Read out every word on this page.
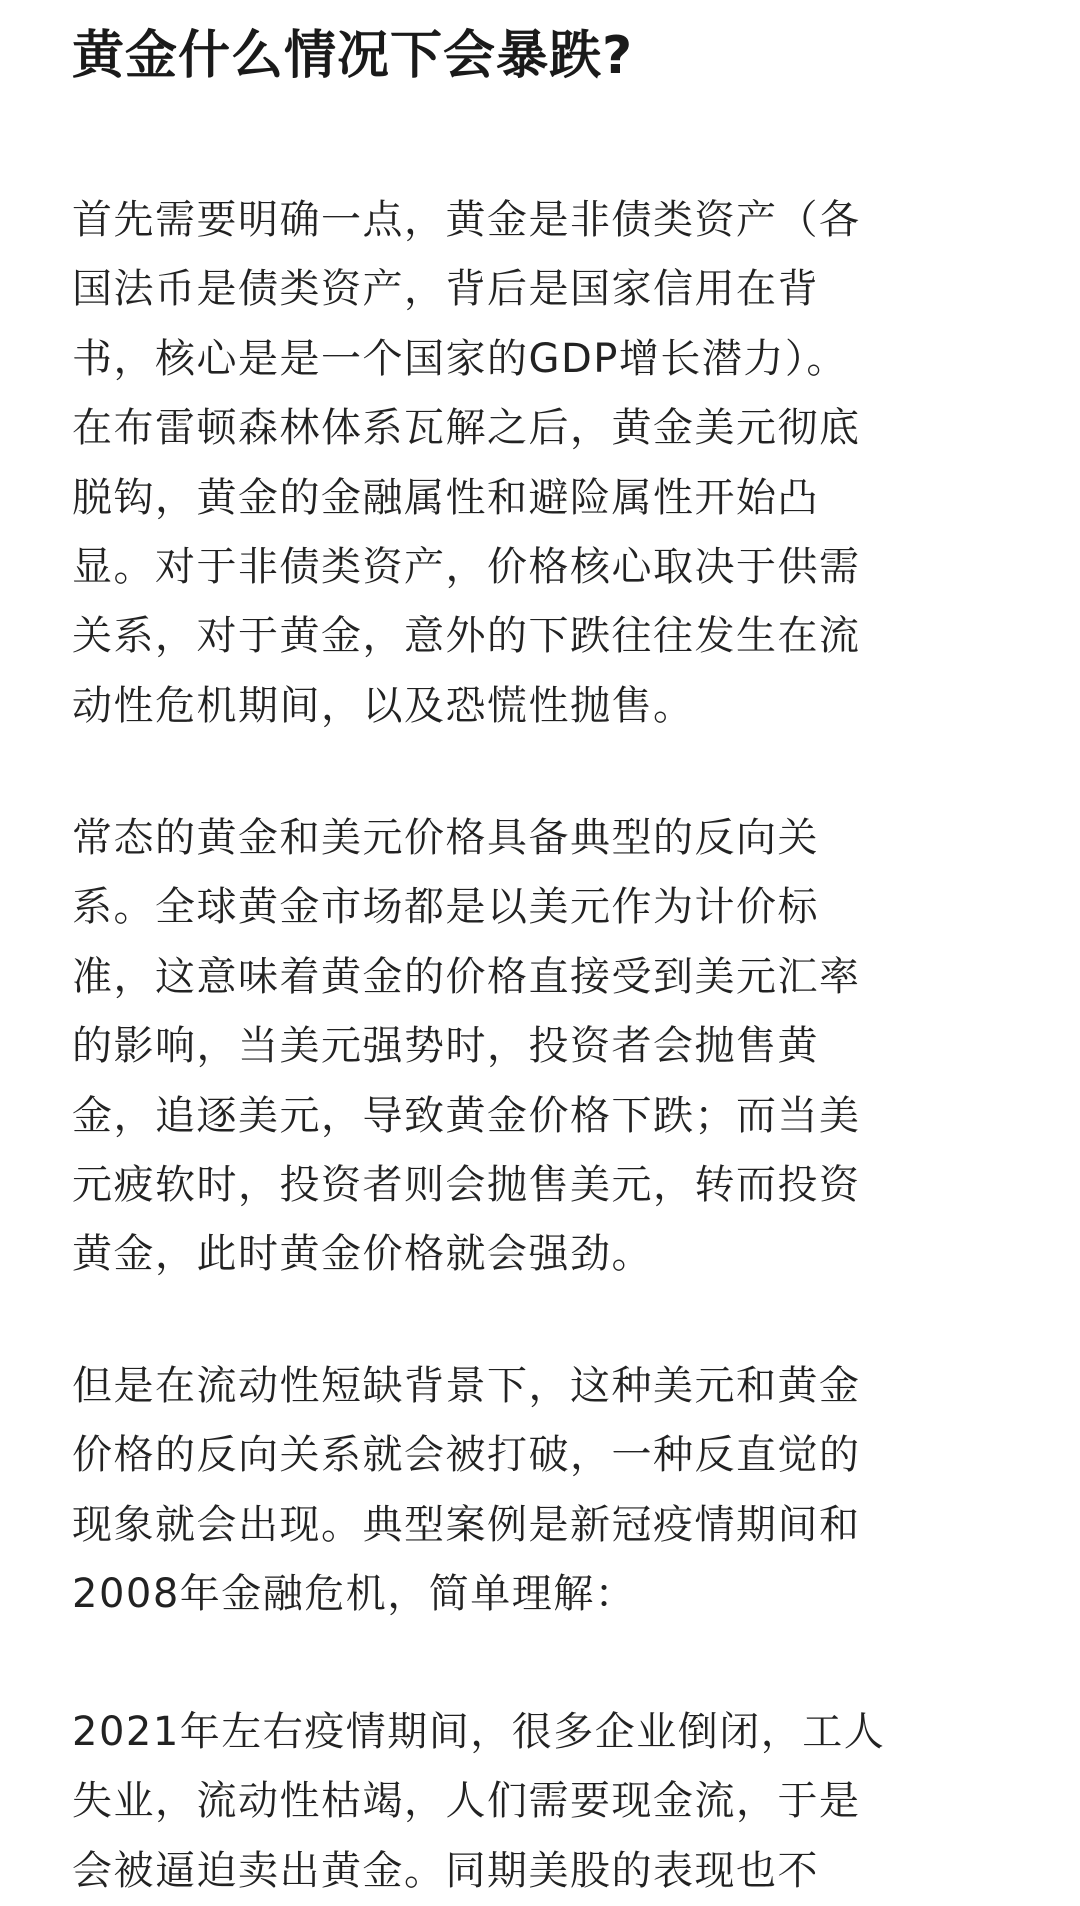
黄金什么情况下会暴跌?
首先需要明确一点，黄金是非债类资产（各
国法币是债类资产，背后是国家信用在背
书，核心是是一个国家的GDP增长潜力）。
在布雷顿森林体系瓦解之后，黄金美元彻底
脱钩，黄金的金融属性和避险属性开始凸
显。对于非债类资产，价格核心取决于供需
关系，对于黄金，意外的下跌往往发生在流
动性危机期间，以及恐慌性抛售。
常态的黄金和美元价格具备典型的反向关
系。全球黄金市场都是以美元作为计价标
准，这意味着黄金的价格直接受到美元汇率
的影响，当美元强势时，投资者会抛售黄
金，追逐美元，导致黄金价格下跌；而当美
元疲软时，投资者则会抛售美元，转而投资
黄金，此时黄金价格就会强劲。
但是在流动性短缺背景下，这种美元和黄金
价格的反向关系就会被打破，一种反直觉的
现象就会出现。典型案例是新冠疫情期间和
2008年金融危机，简单理解：
2021年左右疫情期间，很多企业倒闭，工人
失业，流动性枯竭，人们需要现金流，于是
会被逼迫卖出黄金。同期美股的表现也不
